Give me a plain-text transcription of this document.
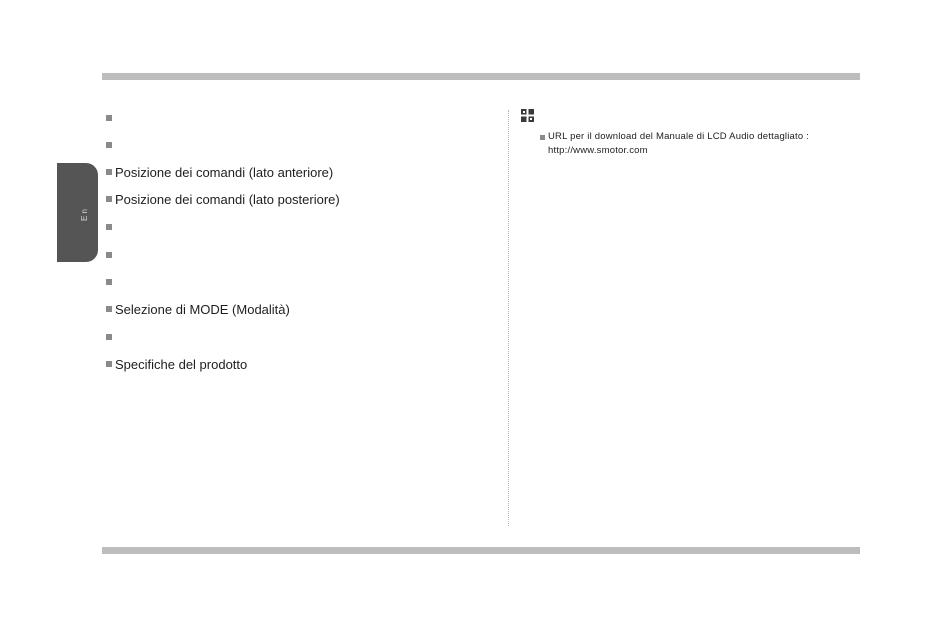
E n
Posizione dei comandi (lato anteriore)
Posizione dei comandi (lato posteriore)
Selezione di MODE (Modalità)
Specifiche del prodotto
URL per il download del Manuale di LCD Audio dettagliato :
http://www.smotor.com
